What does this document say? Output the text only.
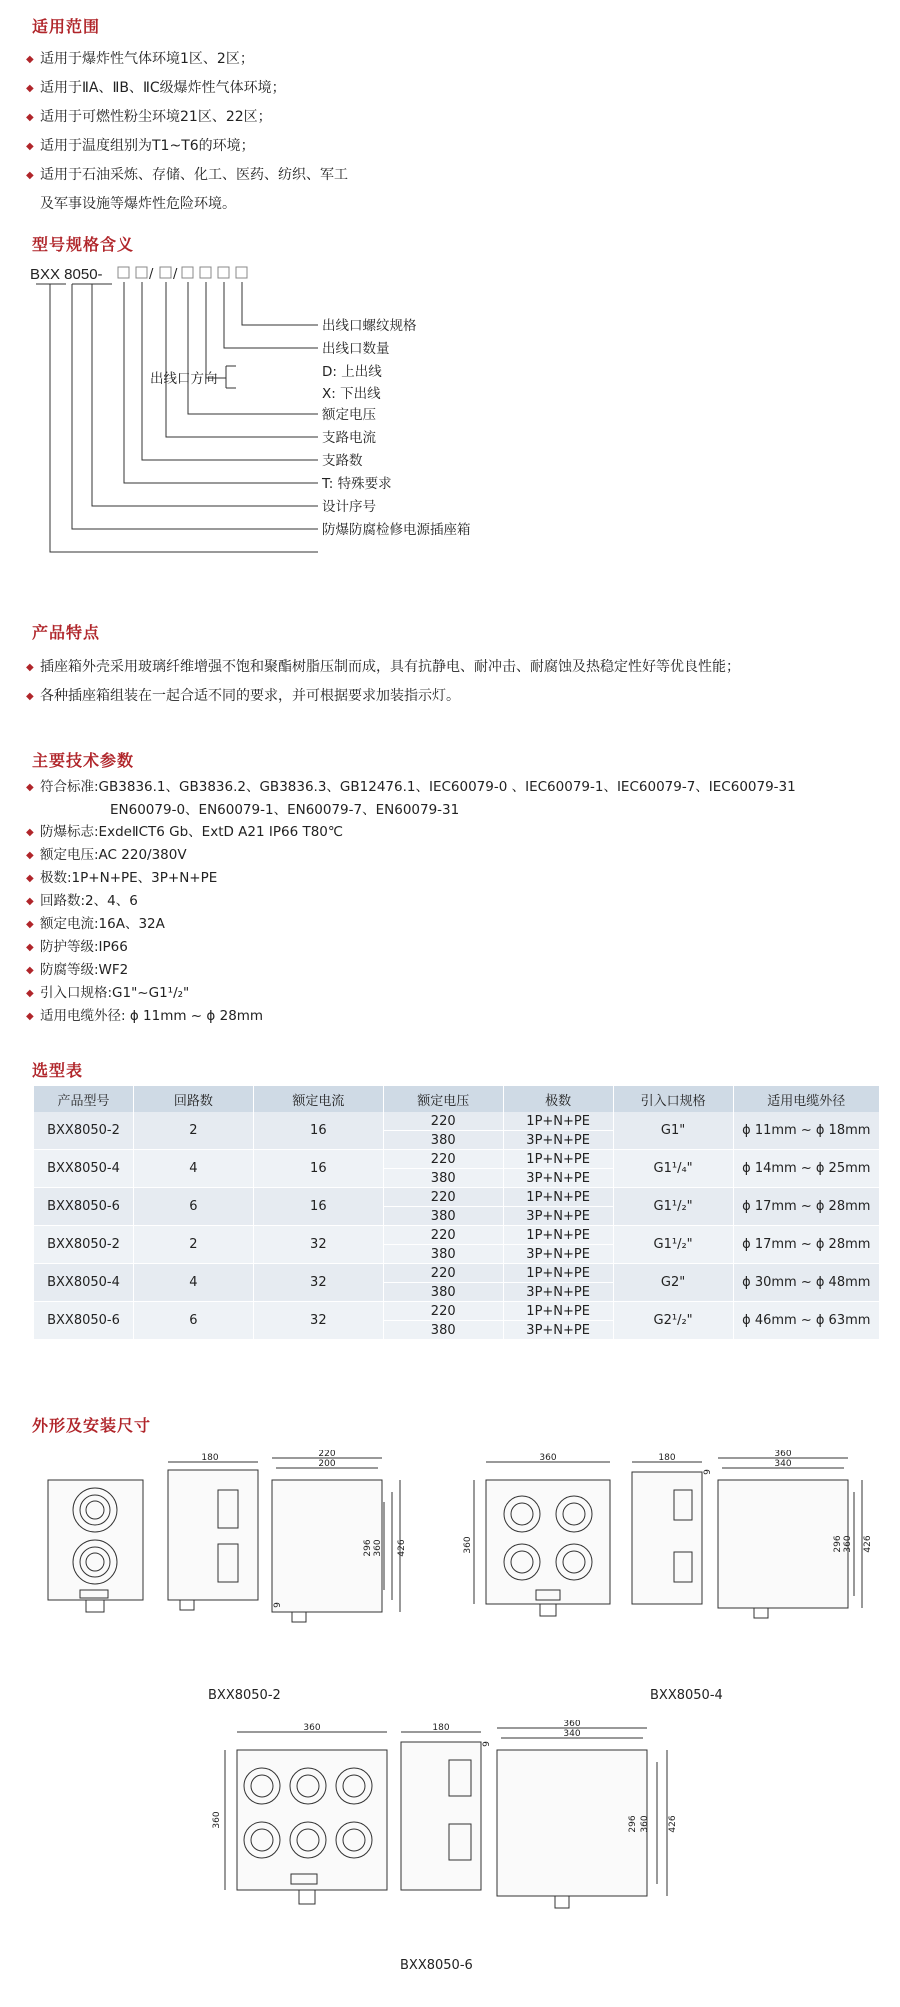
适用范围
◆ 适用于爆炸性气体环境1区、2区；
◆ 适用于ⅡA、ⅡB、ⅡC级爆炸性气体环境；
◆ 适用于可燃性粉尘环境21区、22区；
◆ 适用于温度组别为T1~T6的环境；
◆ 适用于石油采炼、存储、化工、医药、纺织、军工
及军事设施等爆炸性危险环境。
型号规格含义
BXX 8050-	/ /
出线口螺纹规格
出线口数量
出线口方向	D: 上出线
X: 下出线
额定电压
支路电流
支路数
T: 特殊要求
设计序号
防爆防腐检修电源插座箱
产品特点
◆ 插座箱外壳采用玻璃纤维增强不饱和聚酯树脂压制而成，具有抗静电、耐冲击、耐腐蚀及热稳定性好等优良性能；
◆ 各种插座箱组装在一起合适不同的要求，并可根据要求加装指示灯。
主要技术参数
◆ 符合标准:GB3836.1、GB3836.2、GB3836.3、GB12476.1、IEC60079-0 、IEC60079-1、IEC60079-7、IEC60079-31
EN60079-0、EN60079-1、EN60079-7、EN60079-31
◆ 防爆标志:ExdeⅡCT6 Gb、ExtD A21 IP66 T80℃
◆ 额定电压:AC 220/380V
◆ 极数:1P+N+PE、3P+N+PE
◆ 回路数:2、4、6
◆ 额定电流:16A、32A
◆ 防护等级:IP66
◆ 防腐等级:WF2
◆ 引入口规格:G1"~G1¹/₂"
◆ 适用电缆外径: ϕ 11mm ~ ϕ 28mm
选型表
产品型号	回路数	额定电流	额定电压	极数	引入口规格	适用电缆外径
BXX8050-2	2	16	220	1P+N+PE	G1"	ϕ 11mm ~ ϕ 18mm
			380	3P+N+PE		
BXX8050-4	4	16	220	1P+N+PE	G1¹/₄"	ϕ 14mm ~ ϕ 25mm
			380	3P+N+PE		
BXX8050-6	6	16	220	1P+N+PE	G1¹/₂"	ϕ 17mm ~ ϕ 28mm
			380	3P+N+PE		
BXX8050-2	2	32	220	1P+N+PE	G1¹/₂"	ϕ 17mm ~ ϕ 28mm
			380	3P+N+PE		
BXX8050-4	4	32	220	1P+N+PE	G2"	ϕ 30mm ~ ϕ 48mm
			380	3P+N+PE		
BXX8050-6	6	32	220	1P+N+PE	G2¹/₂"	ϕ 46mm ~ ϕ 63mm
			380	3P+N+PE		
外形及安装尺寸
180	220
200
296 360 426
9
BXX8050-2
360
360
180	360
340
296 360 426
9
BXX8050-4
360
360
180	360
340
296 360 426
9
BXX8050-6
